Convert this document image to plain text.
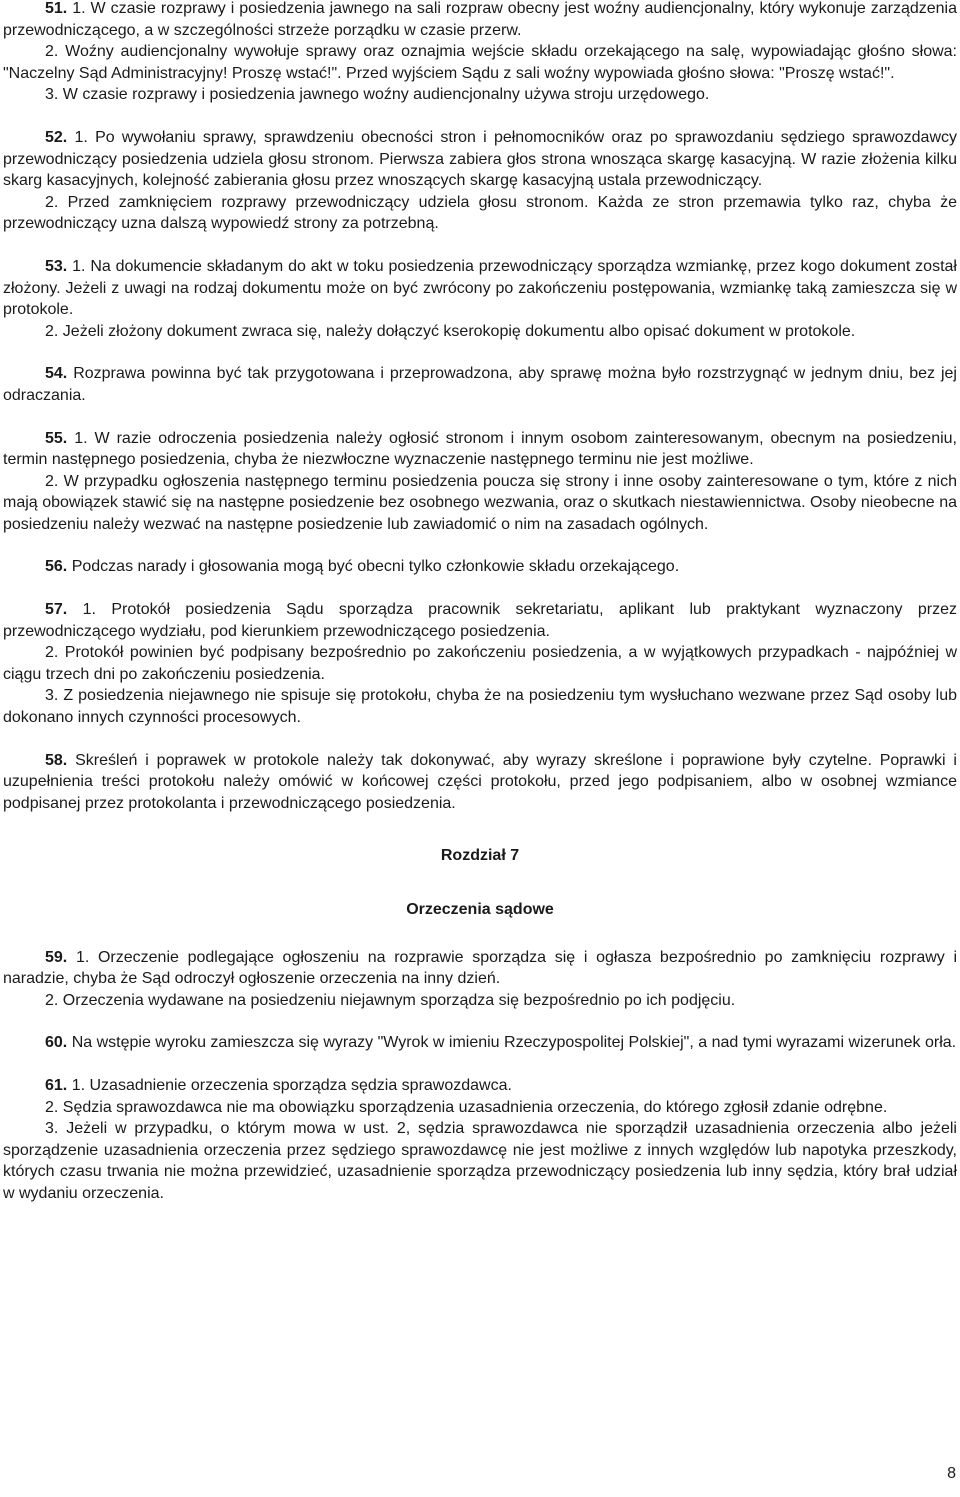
51. 1. W czasie rozprawy i posiedzenia jawnego na sali rozpraw obecny jest woźny audiencjonalny, który wykonuje zarządzenia przewodniczącego, a w szczególności strzeże porządku w czasie przerw.

2. Woźny audiencjonalny wywołuje sprawy oraz oznajmia wejście składu orzekającego na salę, wypowiadając głośno słowa: "Naczelny Sąd Administracyjny! Proszę wstać!". Przed wyjściem Sądu z sali woźny wypowiada głośno słowa: "Proszę wstać!".

3. W czasie rozprawy i posiedzenia jawnego woźny audiencjonalny używa stroju urzędowego.

52. 1. Po wywołaniu sprawy, sprawdzeniu obecności stron i pełnomocników oraz po sprawozdaniu sędziego sprawozdawcy przewodniczący posiedzenia udziela głosu stronom. Pierwsza zabiera głos strona wnosząca skargę kasacyjną. W razie złożenia kilku skarg kasacyjnych, kolejność zabierania głosu przez wnoszących skargę kasacyjną ustala przewodniczący.

2. Przed zamknięciem rozprawy przewodniczący udziela głosu stronom. Każda ze stron przemawia tylko raz, chyba że przewodniczący uzna dalszą wypowiedź strony za potrzebną.

53. 1. Na dokumencie składanym do akt w toku posiedzenia przewodniczący sporządza wzmiankę, przez kogo dokument został złożony. Jeżeli z uwagi na rodzaj dokumentu może on być zwrócony po zakończeniu postępowania, wzmiankę taką zamieszcza się w protokole.

2. Jeżeli złożony dokument zwraca się, należy dołączyć kserokopię dokumentu albo opisać dokument w protokole.

54. Rozprawa powinna być tak przygotowana i przeprowadzona, aby sprawę można było rozstrzygnąć w jednym dniu, bez jej odraczania.

55. 1. W razie odroczenia posiedzenia należy ogłosić stronom i innym osobom zainteresowanym, obecnym na posiedzeniu, termin następnego posiedzenia, chyba że niezwłoczne wyznaczenie następnego terminu nie jest możliwe.

2. W przypadku ogłoszenia następnego terminu posiedzenia poucza się strony i inne osoby zainteresowane o tym, które z nich mają obowiązek stawić się na następne posiedzenie bez osobnego wezwania, oraz o skutkach niestawiennictwa. Osoby nieobecne na posiedzeniu należy wezwać na następne posiedzenie lub zawiadomić o nim na zasadach ogólnych.

56. Podczas narady i głosowania mogą być obecni tylko członkowie składu orzekającego.

57. 1. Protokół posiedzenia Sądu sporządza pracownik sekretariatu, aplikant lub praktykant wyznaczony przez przewodniczącego wydziału, pod kierunkiem przewodniczącego posiedzenia.

2. Protokół powinien być podpisany bezpośrednio po zakończeniu posiedzenia, a w wyjątkowych przypadkach - najpóźniej w ciągu trzech dni po zakończeniu posiedzenia.

3. Z posiedzenia niejawnego nie spisuje się protokołu, chyba że na posiedzeniu tym wysłuchano wezwane przez Sąd osoby lub dokonano innych czynności procesowych.

58. Skreśleń i poprawek w protokole należy tak dokonywać, aby wyrazy skreślone i poprawione były czytelne. Poprawki i uzupełnienia treści protokołu należy omówić w końcowej części protokołu, przed jego podpisaniem, albo w osobnej wzmiance podpisanej przez protokolanta i przewodniczącego posiedzenia.

Rozdział 7

Orzeczenia sądowe

59. 1. Orzeczenie podlegające ogłoszeniu na rozprawie sporządza się i ogłasza bezpośrednio po zamknięciu rozprawy i naradzie, chyba że Sąd odroczył ogłoszenie orzeczenia na inny dzień.

2. Orzeczenia wydawane na posiedzeniu niejawnym sporządza się bezpośrednio po ich podjęciu.

60. Na wstępie wyroku zamieszcza się wyrazy "Wyrok w imieniu Rzeczypospolitej Polskiej", a nad tymi wyrazami wizerunek orła.

61. 1. Uzasadnienie orzeczenia sporządza sędzia sprawozdawca.

2. Sędzia sprawozdawca nie ma obowiązku sporządzenia uzasadnienia orzeczenia, do którego zgłosił zdanie odrębne.

3. Jeżeli w przypadku, o którym mowa w ust. 2, sędzia sprawozdawca nie sporządził uzasadnienia orzeczenia albo jeżeli sporządzenie uzasadnienia orzeczenia przez sędziego sprawozdawcę nie jest możliwe z innych względów lub napotyka przeszkody, których czasu trwania nie można przewidzieć, uzasadnienie sporządza przewodniczący posiedzenia lub inny sędzia, który brał udział w wydaniu orzeczenia.

8
